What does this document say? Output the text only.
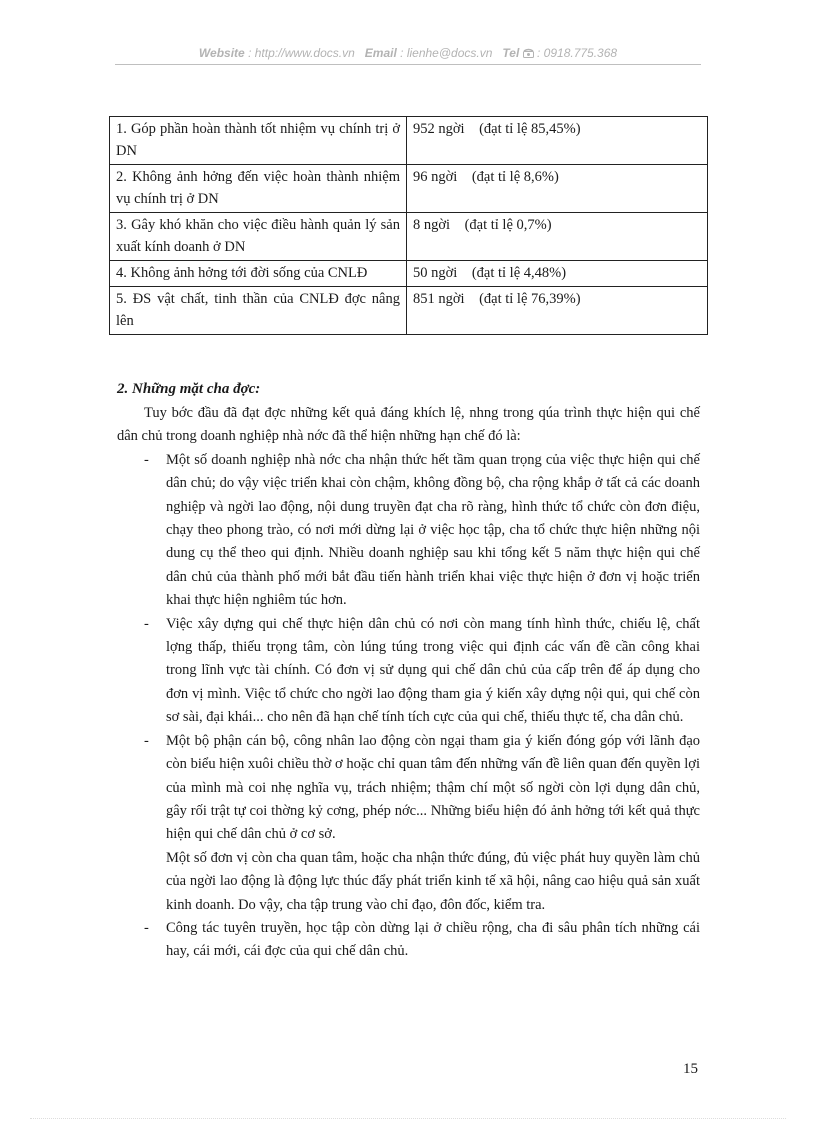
Website : http://www.docs.vn Email : lienhe@docs.vn Tel : 0918.775.368
1. Góp phần hoàn thành tốt nhiệm vụ chính trị ở DN	952 ngời    (đạt tỉ lệ 85,45%)
2. Không ảnh hởng đến việc hoàn thành nhiệm vụ chính trị ở DN	96 ngời    (đạt tỉ lệ 8,6%)
3. Gây khó khăn cho việc điều hành quản lý sản xuất kính doanh ở DN	8 ngời    (đạt tỉ lệ 0,7%)
4. Không ảnh hởng tới đời sống của CNLĐ	50 ngời    (đạt tỉ lệ 4,48%)
5. ĐS vật chất, tinh thần của CNLĐ đợc nâng lên	851 ngời    (đạt tỉ lệ 76,39%)
2. Những mặt cha đợc:

Tuy bớc đầu đã đạt đợc những kết quả đáng khích lệ, nhng trong qúa trình thực hiện qui chế dân chủ trong doanh nghiệp nhà nớc đã thể hiện những hạn chế đó là:

- Một số doanh nghiệp nhà nớc cha nhận thức hết tầm quan trọng của việc thực hiện qui chế dân chủ; do vậy việc triển khai còn chậm, không đồng bộ, cha rộng khắp ở tất cả các doanh nghiệp và ngời lao động, nội dung truyền đạt cha rõ ràng, hình thức tổ chức còn đơn điệu, chạy theo phong trào, có nơi mới dừng lại ở việc học tập, cha tổ chức thực hiện những nội dung cụ thể theo qui định. Nhiều doanh nghiệp sau khi tổng kết 5 năm thực hiện qui chế dân chủ của thành phố mới bắt đầu tiến hành triển khai việc thực hiện ở đơn vị hoặc triển khai thực hiện nghiêm túc hơn.
- Việc xây dựng qui chế thực hiện dân chủ có nơi còn mang tính hình thức, chiếu lệ, chất lợng thấp, thiếu trọng tâm, còn lúng túng trong việc qui định các vấn đề cần công khai trong lĩnh vực tài chính. Có đơn vị sử dụng qui chế dân chủ của cấp trên để áp dụng cho đơn vị mình. Việc tổ chức cho ngời lao động tham gia ý kiến xây dựng nội qui, qui chế còn sơ sài, đại khái... cho nên đã hạn chế tính tích cực của qui chế, thiếu thực tế, cha dân chủ.
- Một bộ phận cán bộ, công nhân lao động còn ngại tham gia ý kiến đóng góp với lãnh đạo còn biểu hiện xuôi chiều thờ ơ hoặc chỉ quan tâm đến những vấn đề liên quan đến quyền lợi của mình mà coi nhẹ nghĩa vụ, trách nhiệm; thậm chí một số ngời còn lợi dụng dân chủ, gây rối trật tự coi thờng kỷ cơng, phép nớc... Những biểu hiện đó ảnh hởng tới kết quả thực hiện qui chế dân chủ ở cơ sở.

Một số đơn vị còn cha quan tâm, hoặc cha nhận thức đúng, đủ việc phát huy quyền làm chủ của ngời lao động là động lực thúc đẩy phát triển kinh tế xã hội, nâng cao hiệu quả sản xuất kinh doanh. Do vậy, cha tập trung vào chỉ đạo, đôn đốc, kiểm tra.

- Công tác tuyên truyền, học tập còn dừng lại ở chiều rộng, cha đi sâu phân tích những cái hay, cái mới, cái đợc của qui chế dân chủ.
15
